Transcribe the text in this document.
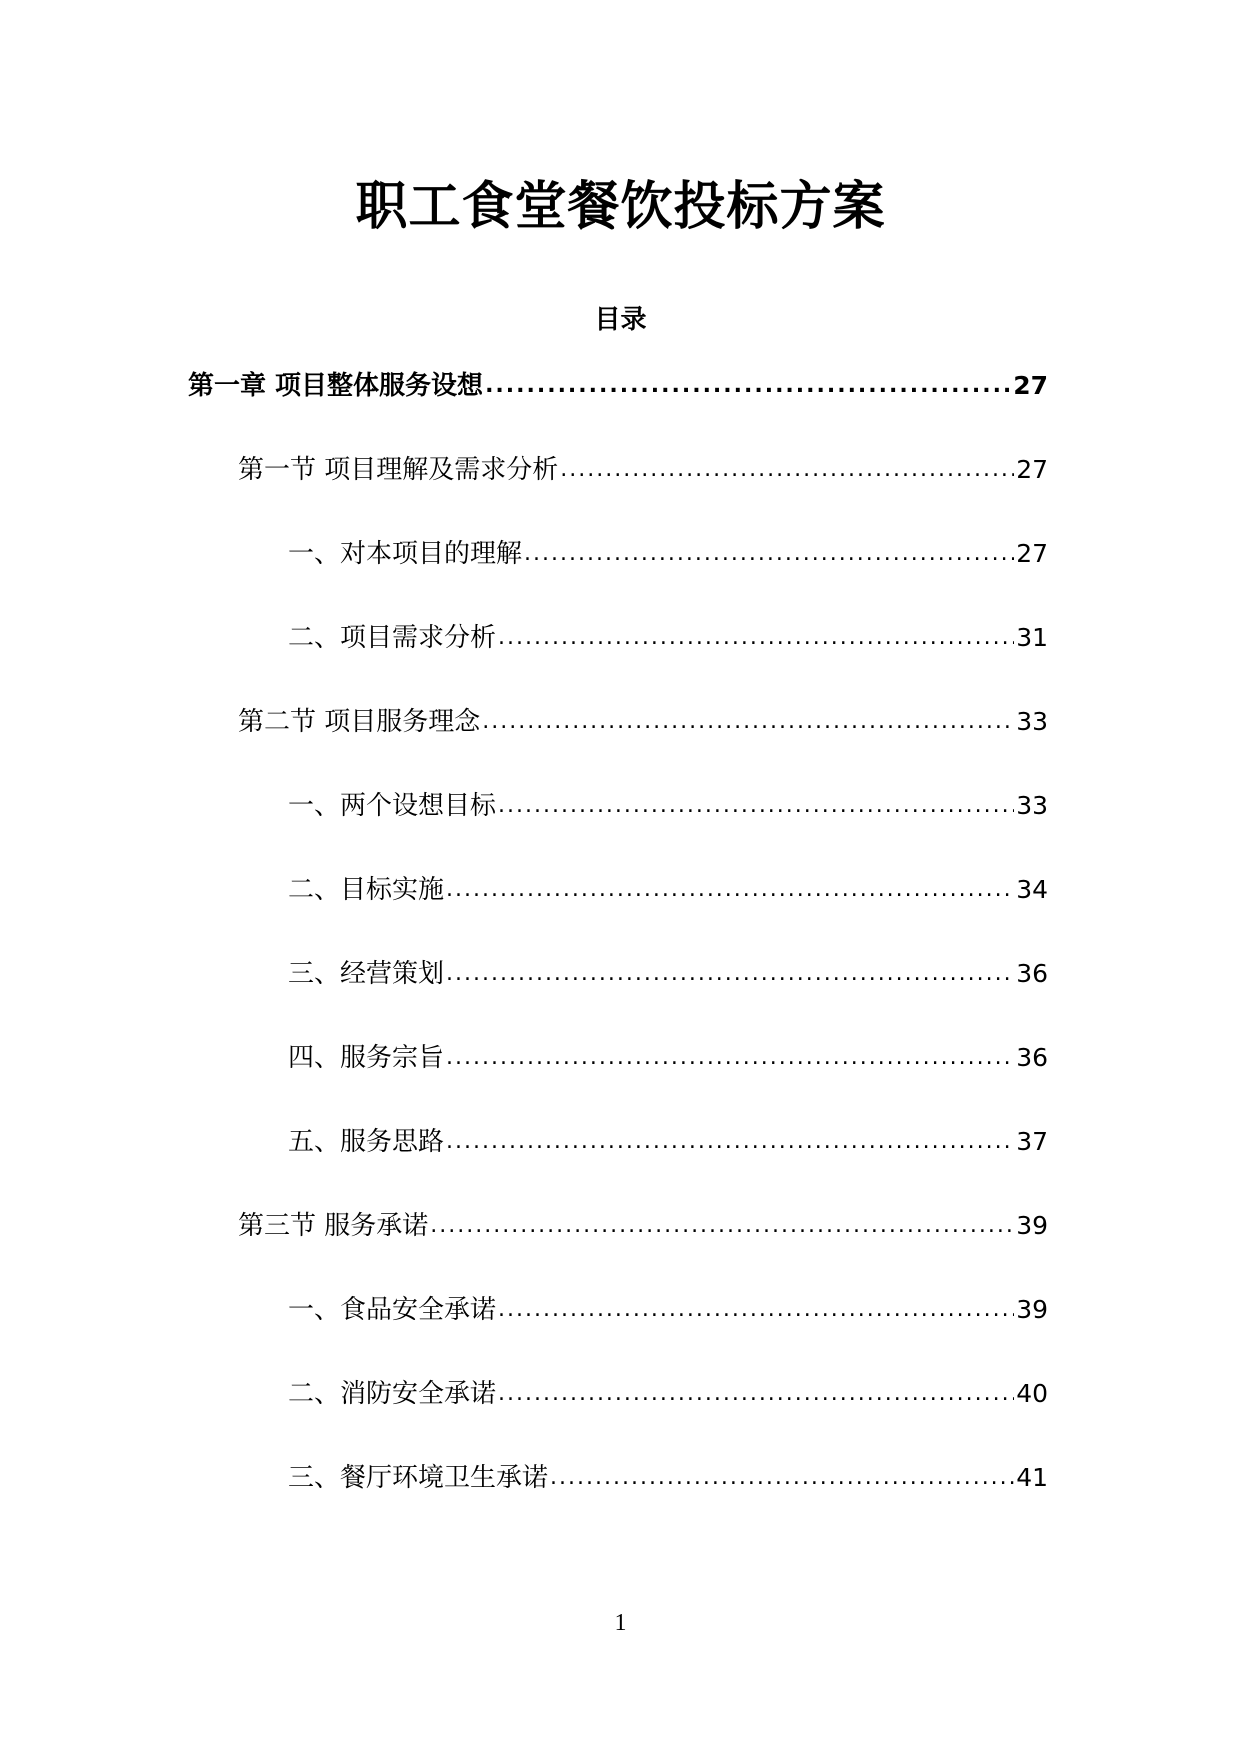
职工食堂餐饮投标方案
目录
第一章 项目整体服务设想 .....	27
第一节 项目理解及需求分析 .....	27
一、对本项目的理解 .....	27
二、项目需求分析 .....	31
第二节 项目服务理念 .....	33
一、两个设想目标 .....	33
二、目标实施 .....	34
三、经营策划 .....	36
四、服务宗旨 .....	36
五、服务思路 .....	37
第三节 服务承诺 .....	39
一、食品安全承诺 .....	39
二、消防安全承诺 .....	40
三、餐厅环境卫生承诺 .....	41
1
